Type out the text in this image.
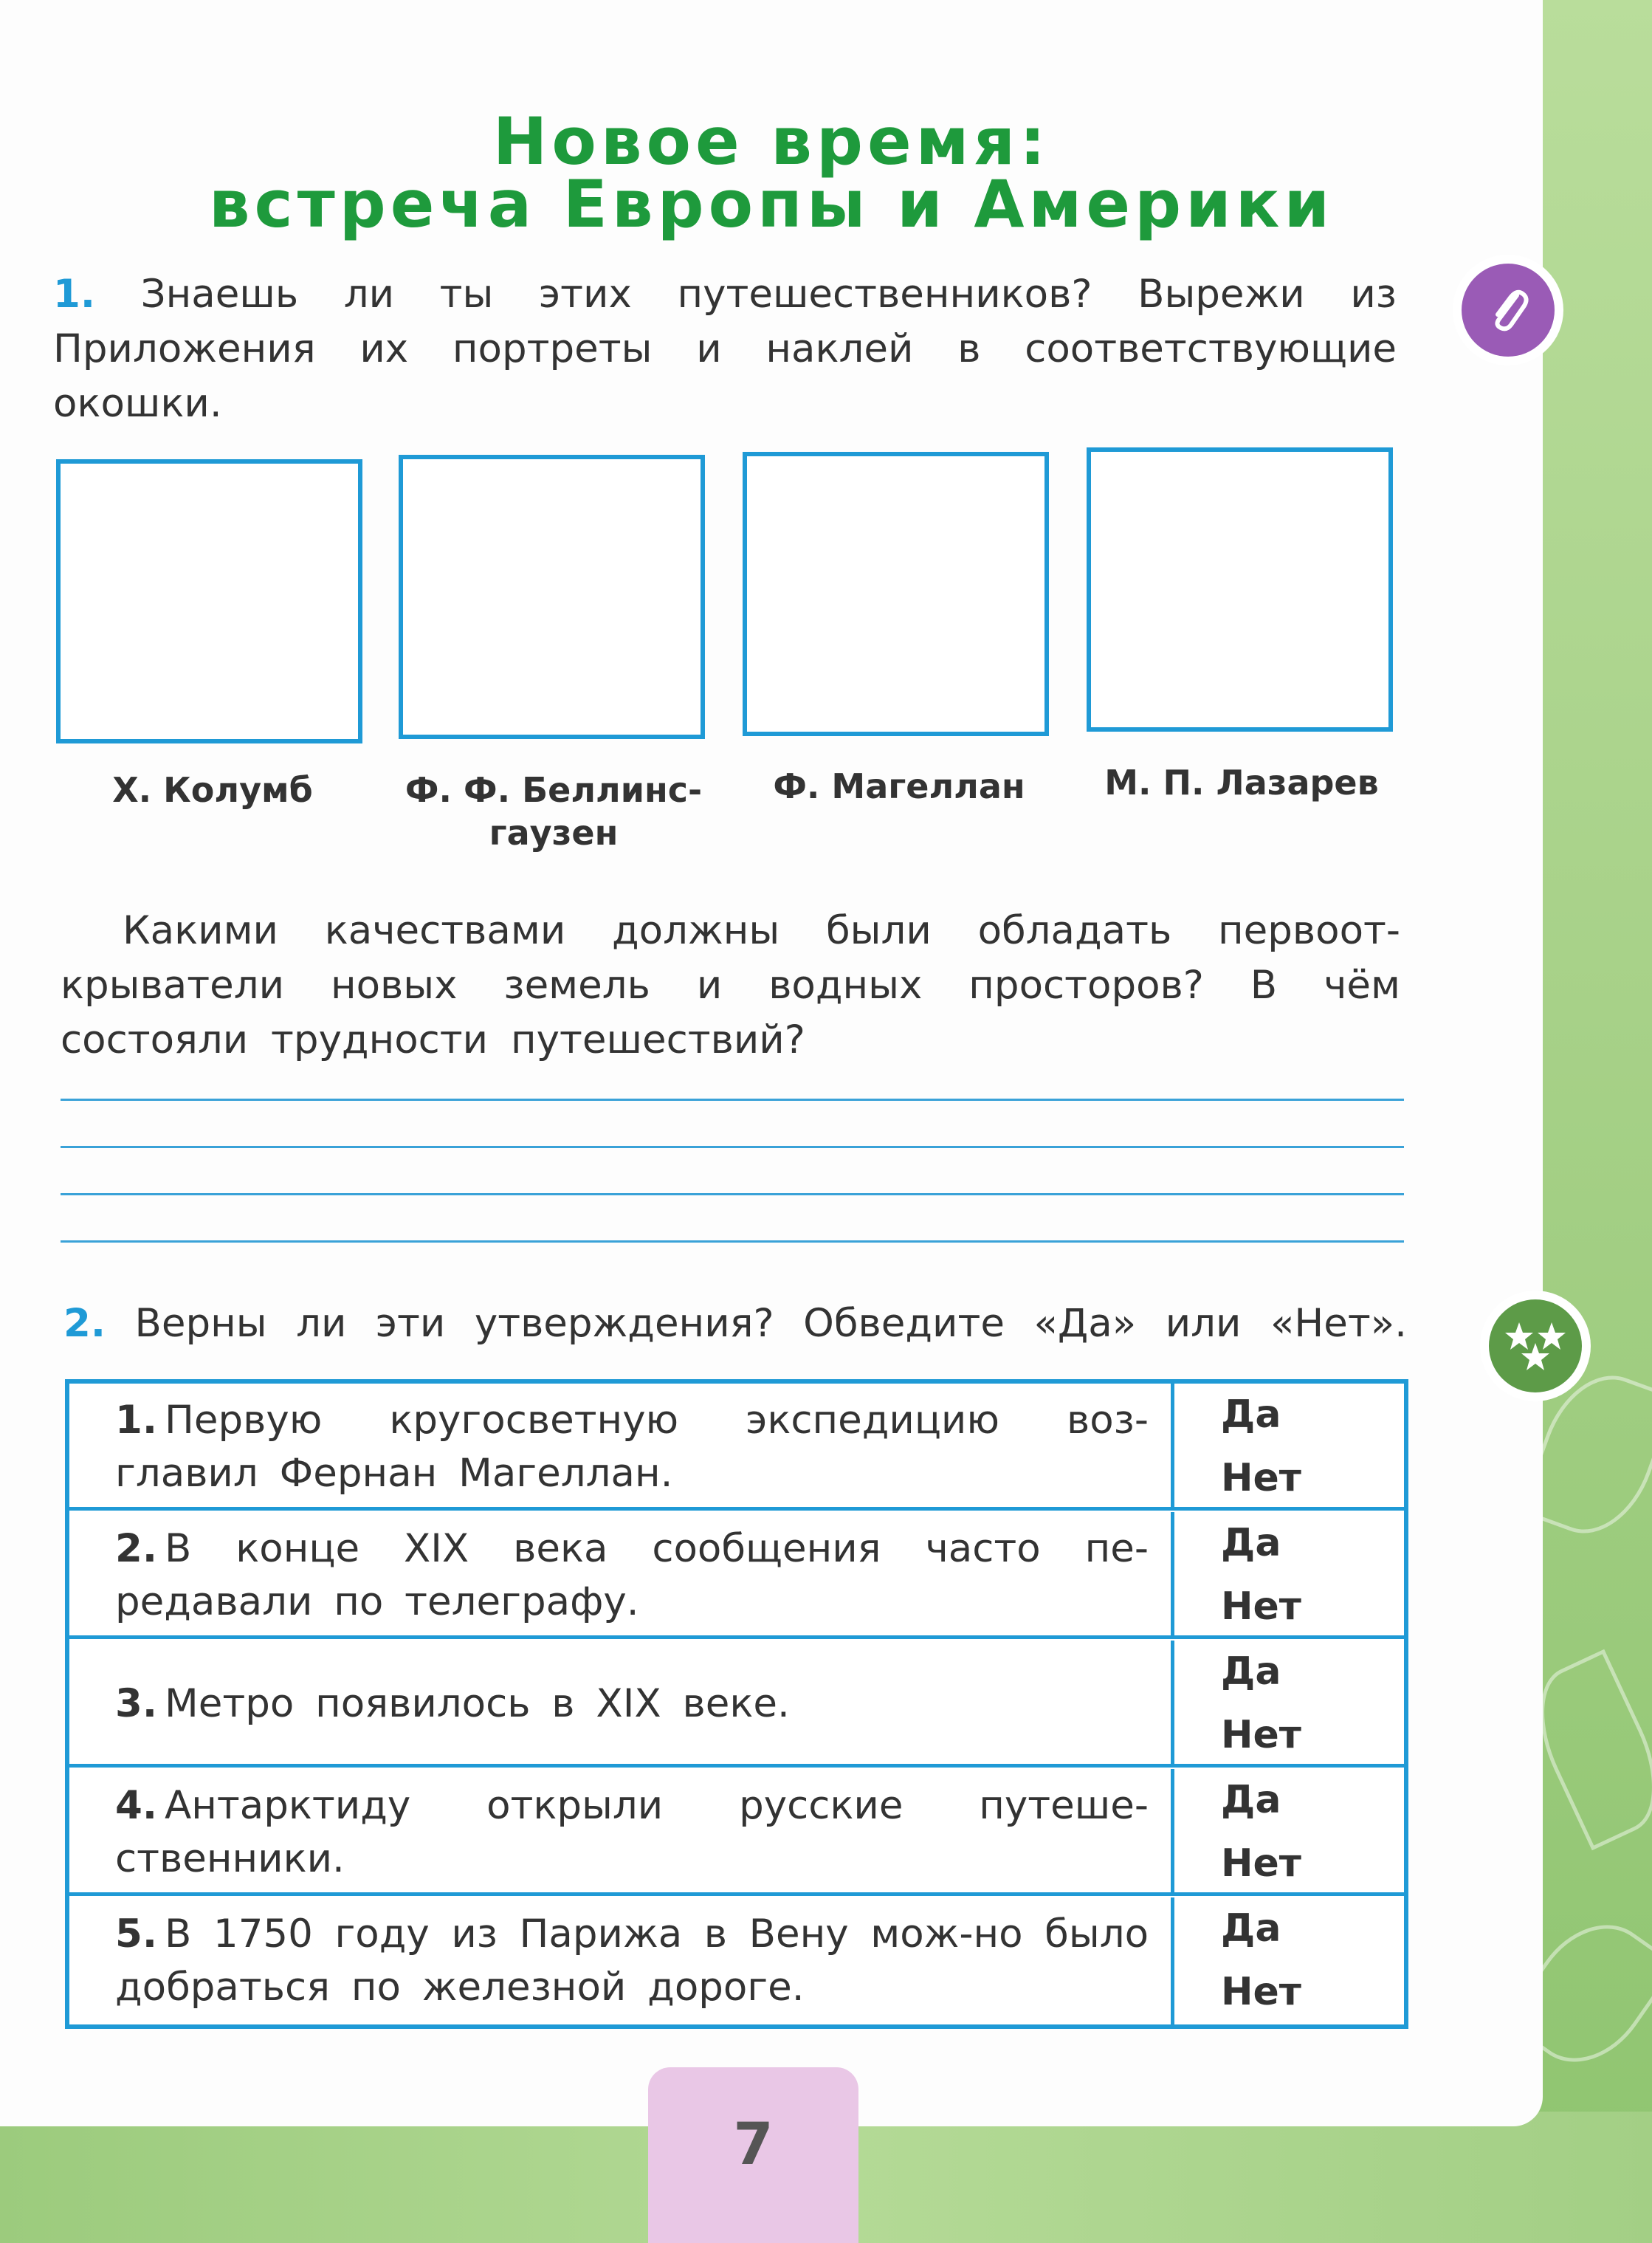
Новое время:
встреча Европы и Америки
1. Знаешь ли ты этих путешественников? Вырежи из Приложения их портреты и наклей в соответствующие окошки.
Х. Колумб	Ф. Ф. Беллинс-
гаузен
Ф. Магеллан	М. П. Лазарев
Какими качествами должны были обладать первоот-
крыватели новых земель и водных просторов? В чём
состояли трудности путешествий?
2. Верны ли эти утверждения? Обведите «Да» или «Нет».
1. Первую кругосветную экспедицию воз-главил Фернан Магеллан.
Да
Нет
2. В конце XIX века сообщения часто пе-редавали по телеграфу.
Да
Нет
3. Метро появилось в XIX веке.
Да
Нет
4. Антарктиду открыли русские путеше-ственники.
Да
Нет
5. В 1750 году из Парижа в Вену мож-но было добраться по железной дороге.
Да
Нет
7
